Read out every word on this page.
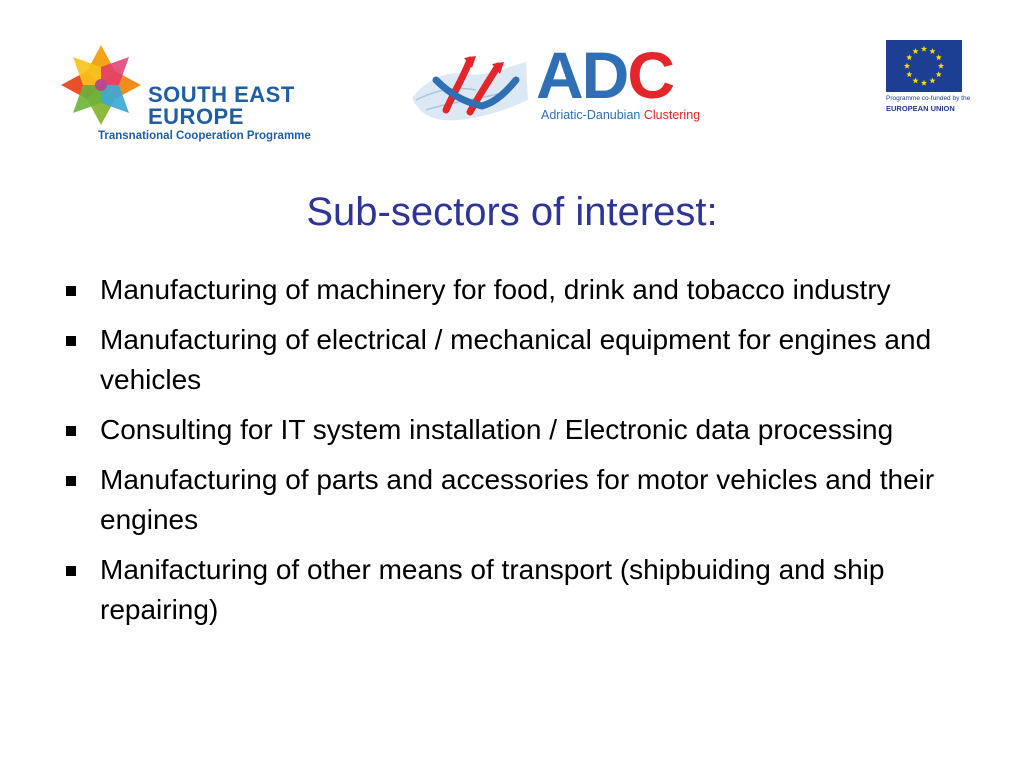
SOUTH EAST
EUROPE
Transnational Cooperation Programme
ADC
Adriatic-Danubian Clustering
Programme co-funded by the
EUROPEAN UNION
Sub-sectors of interest:
Manufacturing of machinery for food, drink and tobacco industry
Manufacturing of electrical / mechanical equipment for engines and vehicles
Consulting for IT system installation / Electronic data processing
Manufacturing of parts and accessories for motor vehicles and their engines
Manifacturing of other means of transport (shipbuiding and ship repairing)
